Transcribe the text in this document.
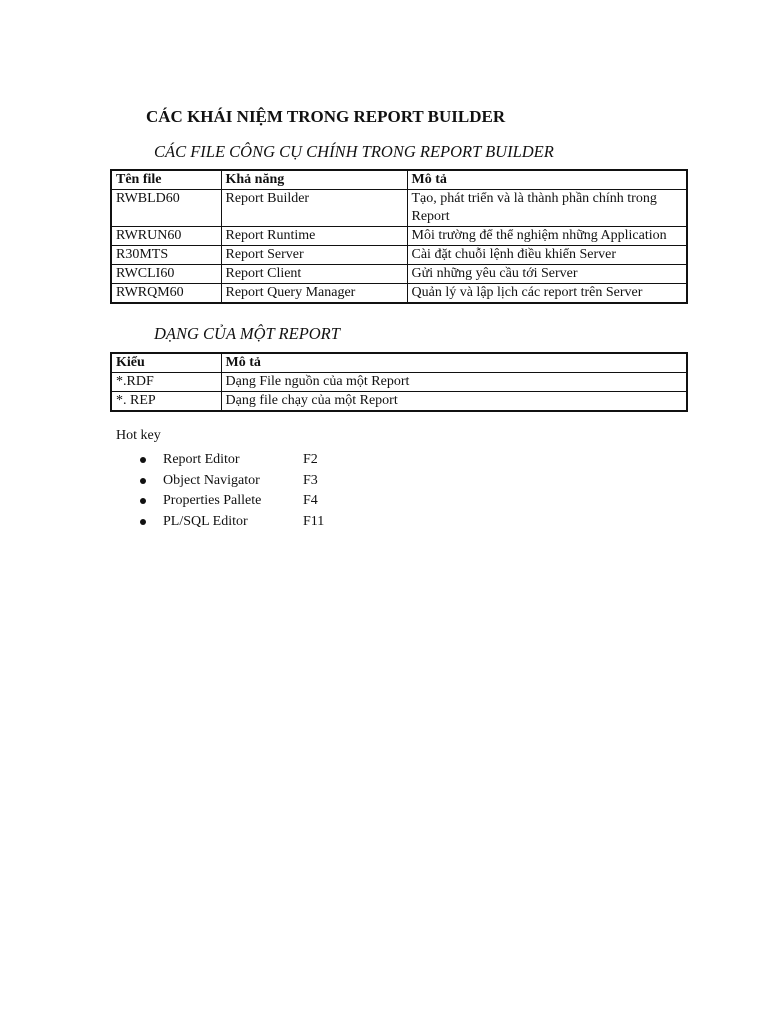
CÁC KHÁI NIỆM TRONG REPORT BUILDER
CÁC FILE CÔNG CỤ CHÍNH TRONG REPORT BUILDER
Tên file	Khả năng	Mô tả
RWBLD60	Report Builder	Tạo, phát triển và là thành phần chính trong Report
RWRUN60	Report Runtime	Môi trường để thể nghiệm những Application
R30MTS	Report Server	Cài đặt chuỗi lệnh điều khiển Server
RWCLI60	Report Client	Gửi những yêu cầu tới Server
RWRQM60	Report Query Manager	Quản lý và lập lịch các report trên Server
DẠNG CỦA MỘT REPORT
Kiểu	Mô tả
*.RDF	Dạng File nguồn của một Report
*. REP	Dạng file chạy của một Report
Hot key
Report Editor	F2
Object Navigator	F3
Properties Pallete	F4
PL/SQL Editor	F11
